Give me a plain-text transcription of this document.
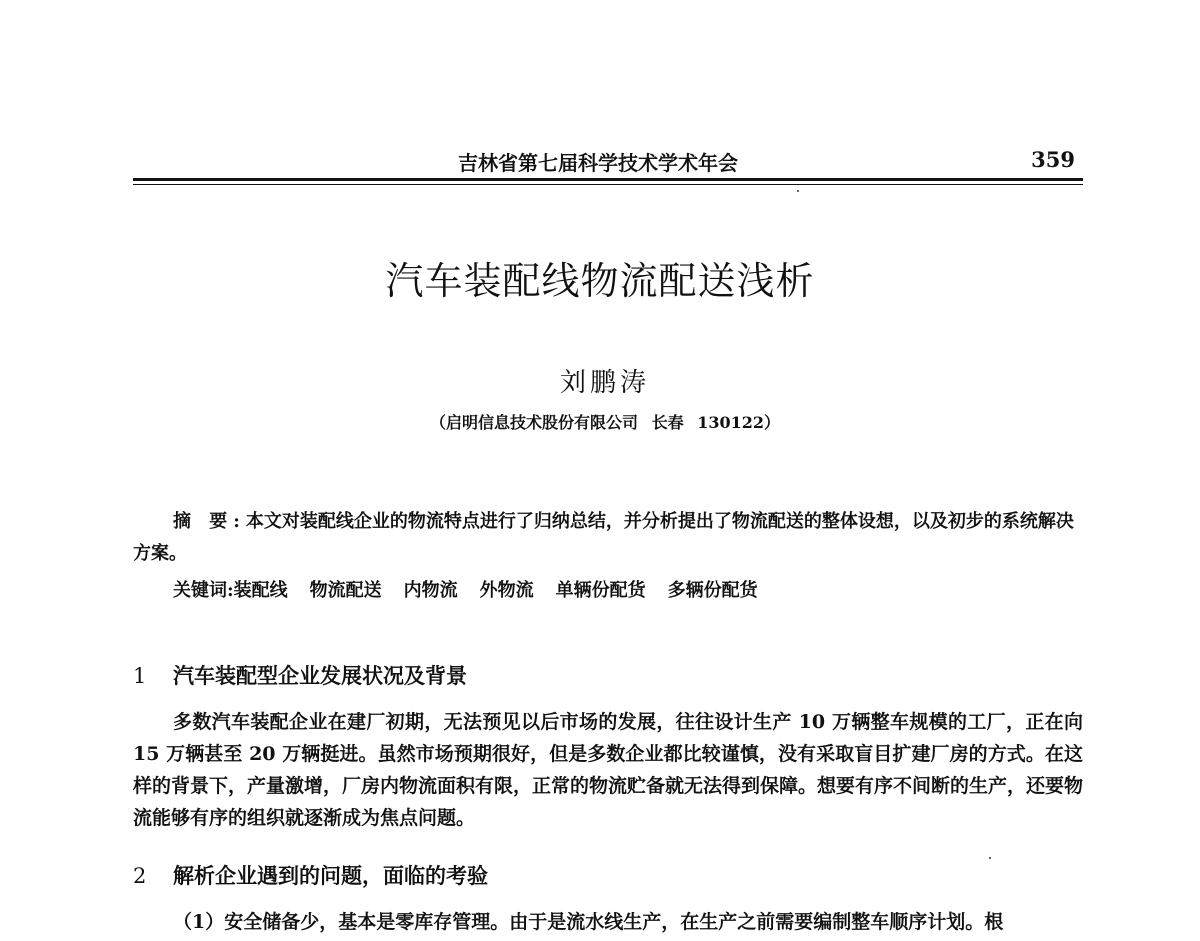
吉林省第七届科学技术学术年会	359
汽车装配线物流配送浅析
刘鹏涛
（启明信息技术股份有限公司 长春 130122）
摘 要:本文对装配线企业的物流特点进行了归纳总结，并分析提出了物流配送的整体设想，以及初步的系统解决方案。
关键词:装配线 物流配送 内物流 外物流 单辆份配货 多辆份配货
1 汽车装配型企业发展状况及背景
多数汽车装配企业在建厂初期，无法预见以后市场的发展，往往设计生产 10 万辆整车规模的工厂，正在向 15 万辆甚至 20 万辆挺进。虽然市场预期很好，但是多数企业都比较谨慎，没有采取盲目扩建厂房的方式。在这样的背景下，产量激增，厂房内物流面积有限，正常的物流贮备就无法得到保障。想要有序不间断的生产，还要物流能够有序的组织就逐渐成为焦点问题。
2 解析企业遇到的问题，面临的考验
（1）安全储备少，基本是零库存管理。由于是流水线生产，在生产之前需要编制整车顺序计划。根
